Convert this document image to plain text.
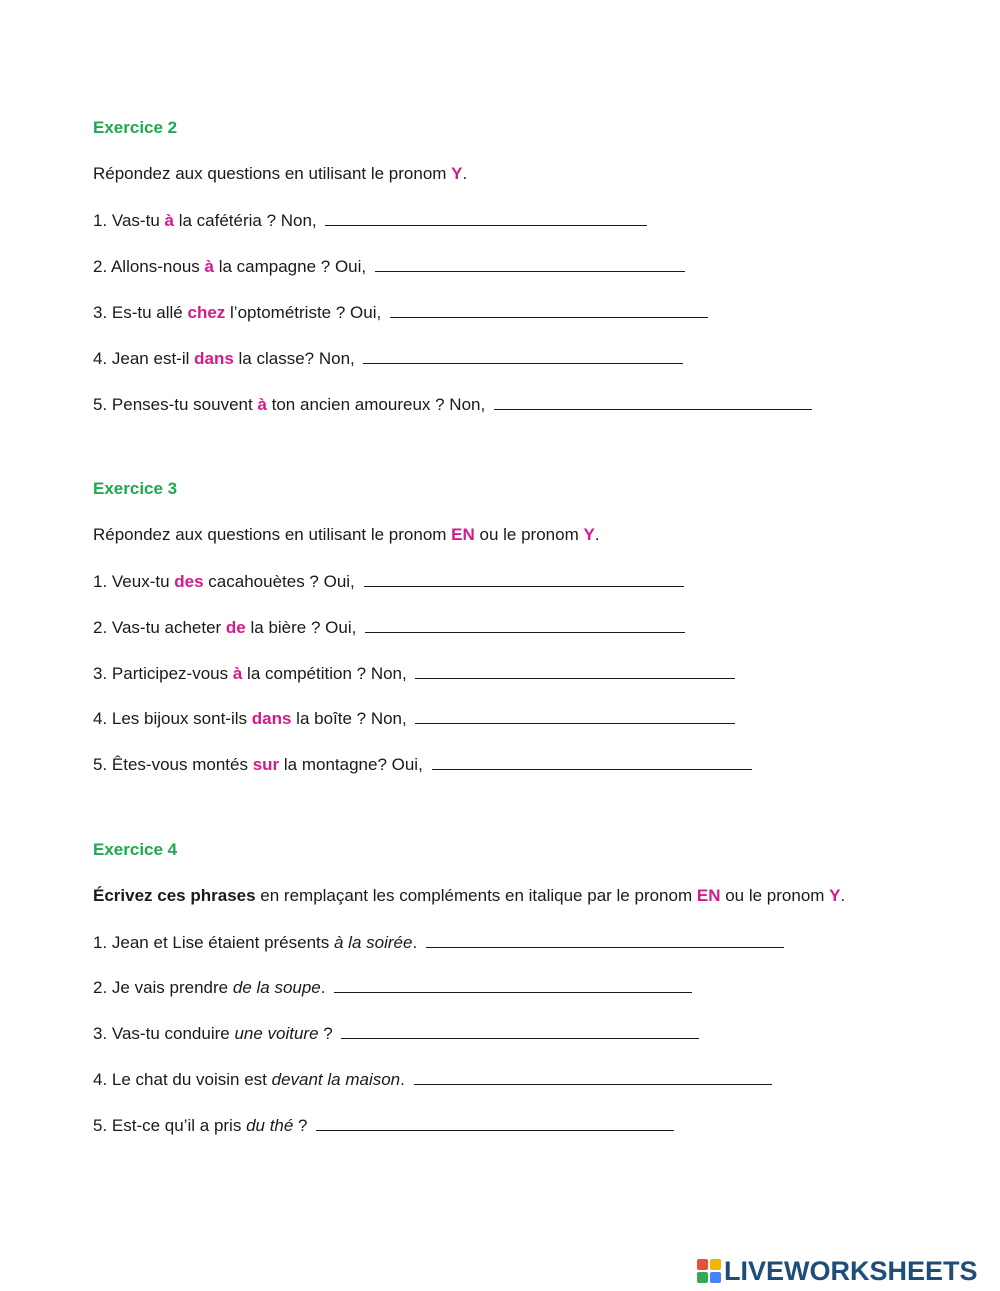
Exercice 2
Répondez aux questions en utilisant le pronom Y.
1. Vas-tu à la cafétéria ? Non,
2. Allons-nous à la campagne ? Oui,
3. Es-tu allé chez l’optométriste ? Oui,
4. Jean est-il dans la classe? Non,
5. Penses-tu souvent à ton ancien amoureux ? Non,
Exercice 3
Répondez aux questions en utilisant le pronom EN ou le pronom Y.
1. Veux-tu des cacahouètes ? Oui,
2. Vas-tu acheter de la bière ? Oui,
3. Participez-vous à la compétition ? Non,
4. Les bijoux sont-ils dans la boîte ? Non,
5. Êtes-vous montés sur la montagne? Oui,
Exercice 4
Écrivez ces phrases en remplaçant les compléments en italique par le pronom EN ou le pronom Y.
1. Jean et Lise étaient présents à la soirée.
2. Je vais prendre de la soupe.
3. Vas-tu conduire une voiture ?
4. Le chat du voisin est devant la maison.
5. Est-ce qu’il a pris du thé ?
LIVEWORKSHEETS
